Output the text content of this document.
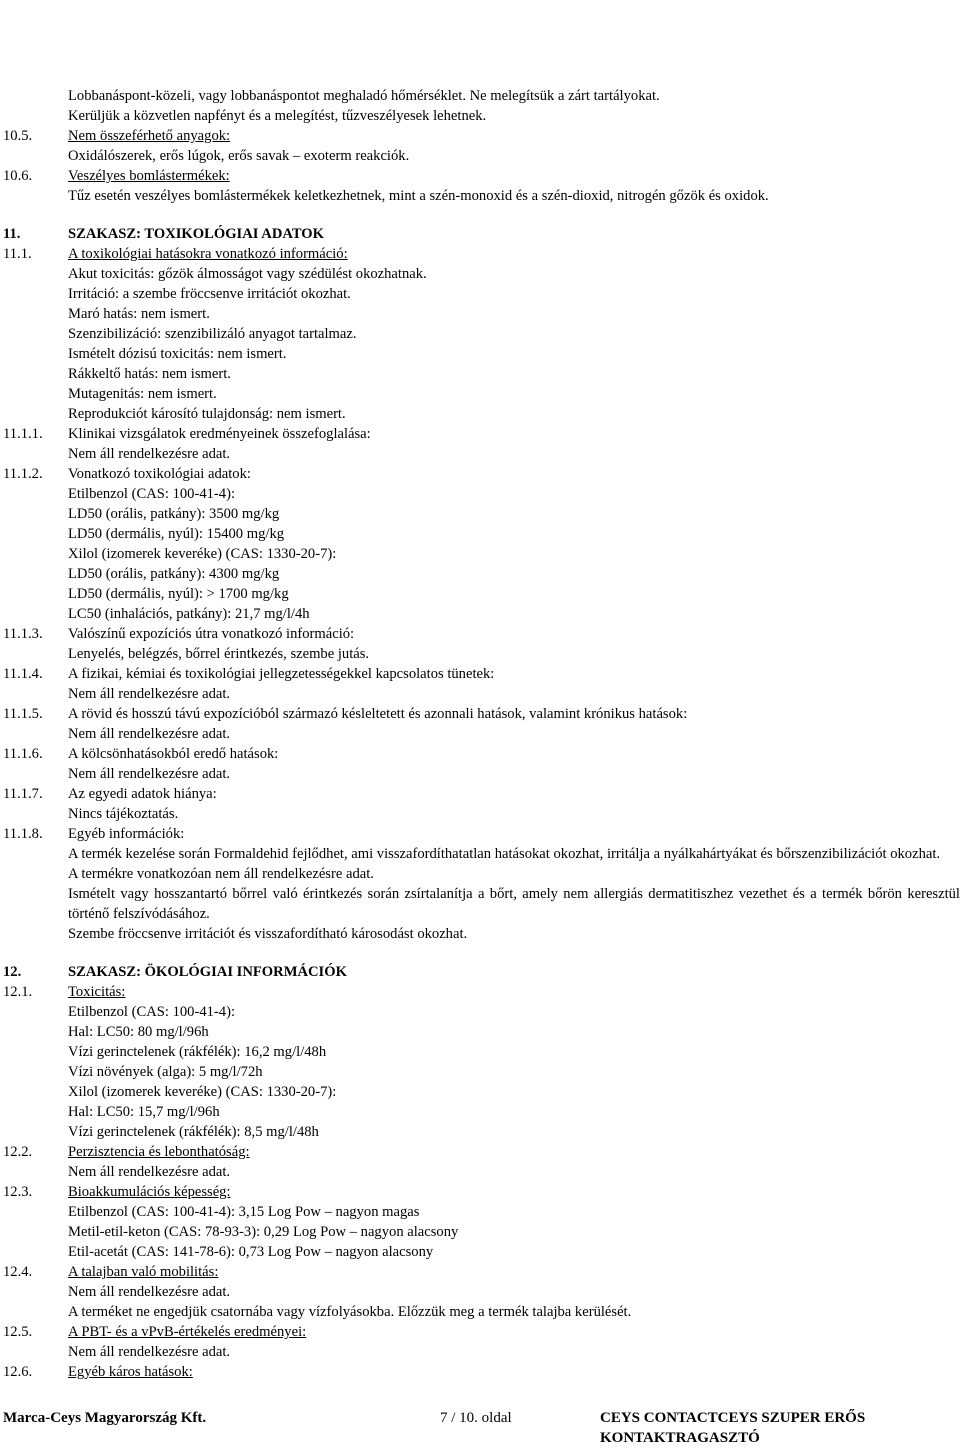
Elkészítés időpontja: 2007. április 23.
Felülvizsgálat időpontja: 2013. február 5.
Verziószám: 2
http://www.biztonsagiadatlap.hu

Lobbanáspont-közeli, vagy lobbanáspontot meghaladó hőmérséklet. Ne melegítsük a zárt tartályokat.

Kerüljük a közvetlen napfényt és a melegítést, tűzveszélyesek lehetnek.

10.5. Nem összeférhető anyagok:

Oxidálószerek, erős lúgok, erős savak – exoterm reakciók.

10.6. Veszélyes bomlástermékek:

Tűz esetén veszélyes bomlástermékek keletkezhetnek, mint a szén-monoxid és a szén-dioxid, nitrogén gőzök és oxidok.

11.	SZAKASZ: TOXIKOLÓGIAI ADATOK

11.1. A toxikológiai hatásokra vonatkozó információ:

Akut toxicitás: gőzök álmosságot vagy szédülést okozhatnak.

Irritáció: a szembe fröccsenve irritációt okozhat.

Maró hatás: nem ismert.

Szenzibilizáció: szenzibilizáló anyagot tartalmaz.

Ismételt dózisú toxicitás: nem ismert.

Rákkeltő hatás: nem ismert.

Mutagenitás: nem ismert.

Reprodukciót károsító tulajdonság: nem ismert.

11.1.1. Klinikai vizsgálatok eredményeinek összefoglalása:

Nem áll rendelkezésre adat.

11.1.2. Vonatkozó toxikológiai adatok:

Etilbenzol (CAS: 100-41-4):

LD50 (orális, patkány): 3500 mg/kg

LD50 (dermális, nyúl): 15400 mg/kg

Xilol (izomerek keveréke) (CAS: 1330-20-7):

LD50 (orális, patkány): 4300 mg/kg

LD50 (dermális, nyúl): > 1700 mg/kg

LC50 (inhalációs, patkány): 21,7 mg/l/4h

11.1.3. Valószínű expozíciós útra vonatkozó információ:

Lenyelés, belégzés, bőrrel érintkezés, szembe jutás.

11.1.4. A fizikai, kémiai és toxikológiai jellegzetességekkel kapcsolatos tünetek:

Nem áll rendelkezésre adat.

11.1.5. A rövid és hosszú távú expozícióból származó késleltetett és azonnali hatások, valamint krónikus hatások:

Nem áll rendelkezésre adat.

11.1.6. A kölcsönhatásokból eredő hatások:

Nem áll rendelkezésre adat.

11.1.7. Az egyedi adatok hiánya:

Nincs tájékoztatás.

11.1.8. Egyéb információk:

A termék kezelése során Formaldehid fejlődhet, ami visszafordíthatatlan hatásokat okozhat, irritálja a nyálkahártyákat és bőrszenzibilizációt okozhat.

A termékre vonatkozóan nem áll rendelkezésre adat.

Ismételt vagy hosszantartó bőrrel való érintkezés során zsírtalanítja a bőrt, amely nem allergiás dermatitiszhez vezethet és a termék bőrön keresztül történő felszívódásához.

Szembe fröccsenve irritációt és visszafordítható károsodást okozhat.

12.	SZAKASZ: ÖKOLÓGIAI INFORMÁCIÓK

12.1. Toxicitás:

Etilbenzol (CAS: 100-41-4):

Hal: LC50: 80 mg/l/96h

Vízi gerinctelenek (rákfélék): 16,2 mg/l/48h

Vízi növények (alga): 5 mg/l/72h

Xilol (izomerek keveréke) (CAS: 1330-20-7):

Hal: LC50: 15,7 mg/l/96h

Vízi gerinctelenek (rákfélék): 8,5 mg/l/48h

12.2. Perzisztencia és lebonthatóság:

Nem áll rendelkezésre adat.

12.3. Bioakkumulációs képesség:

Etilbenzol (CAS: 100-41-4): 3,15 Log Pow – nagyon magas

Metil-etil-keton (CAS: 78-93-3): 0,29 Log Pow – nagyon alacsony

Etil-acetát (CAS: 141-78-6): 0,73 Log Pow – nagyon alacsony

12.4. A talajban való mobilitás:

Nem áll rendelkezésre adat.

A terméket ne engedjük csatornába vagy vízfolyásokba. Előzzük meg a termék talajba kerülését.

12.5. A PBT- és a vPvB-értékelés eredményei:

Nem áll rendelkezésre adat.

12.6. Egyéb káros hatások:

Marca-Ceys Magyarország Kft.	7 / 10. oldal	CEYS CONTACTCEYS SZUPER ERŐS KONTAKTRAGASZTÓ
